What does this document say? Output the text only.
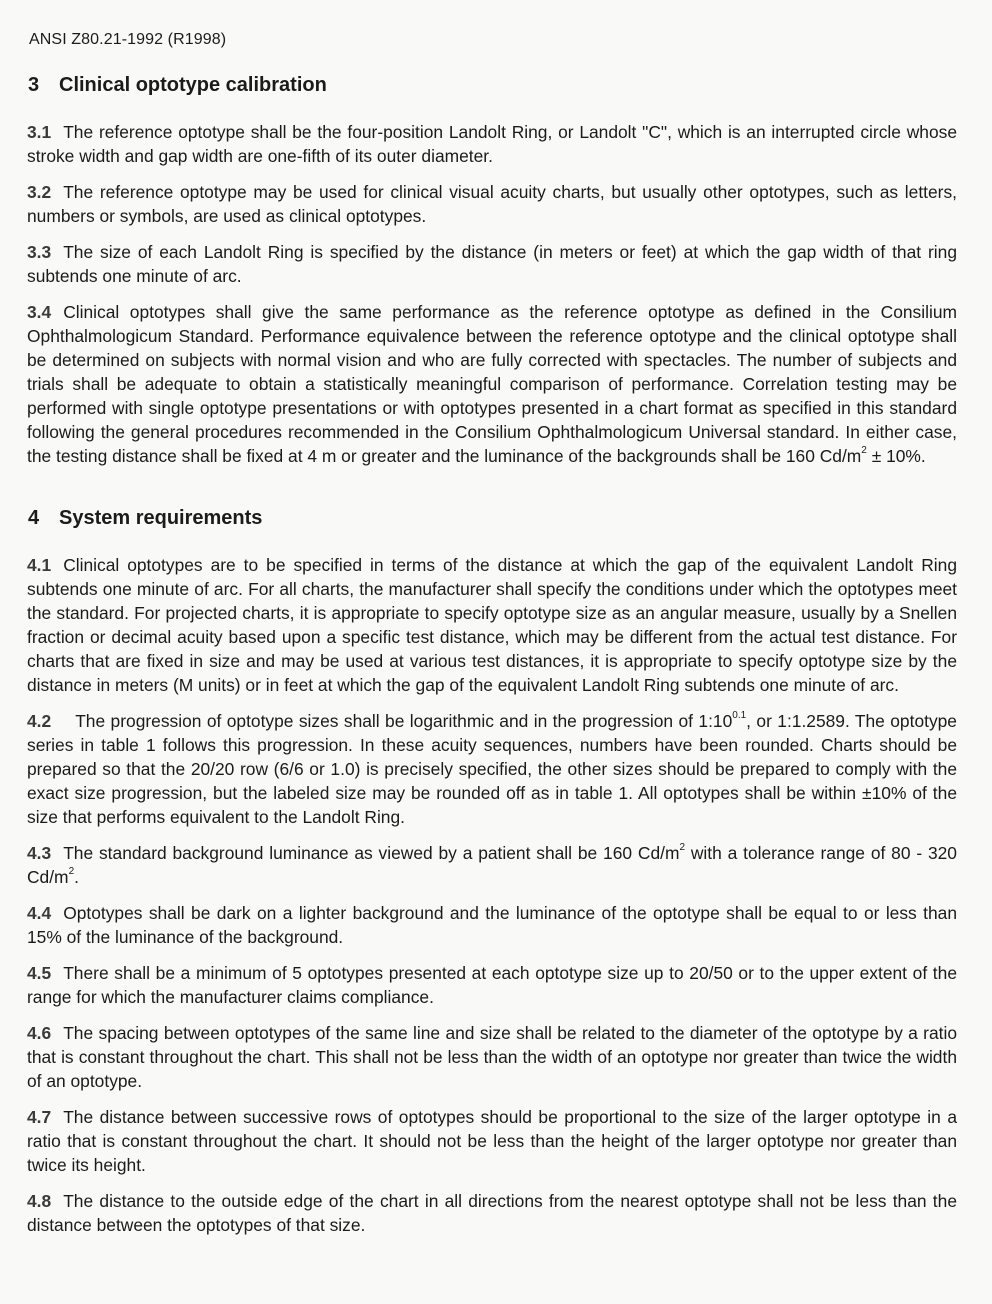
ANSI Z80.21-1992 (R1998)
3 Clinical optotype calibration

3.1 The reference optotype shall be the four-position Landolt Ring, or Landolt "C", which is an interrupted circle whose stroke width and gap width are one-fifth of its outer diameter.

3.2 The reference optotype may be used for clinical visual acuity charts, but usually other optotypes, such as letters, numbers or symbols, are used as clinical optotypes.

3.3 The size of each Landolt Ring is specified by the distance (in meters or feet) at which the gap width of that ring subtends one minute of arc.

3.4 Clinical optotypes shall give the same performance as the reference optotype as defined in the Consilium Ophthalmologicum Standard. Performance equivalence between the reference optotype and the clinical optotype shall be determined on subjects with normal vision and who are fully corrected with spectacles. The number of subjects and trials shall be adequate to obtain a statistically meaningful comparison of performance. Correlation testing may be performed with single optotype presentations or with optotypes presented in a chart format as specified in this standard following the general procedures recommended in the Consilium Ophthalmologicum Universal standard. In either case, the testing distance shall be fixed at 4 m or greater and the luminance of the backgrounds shall be 160 $Cd/m^2 \pm 10\%$.

4 System requirements

4.1 Clinical optotypes are to be specified in terms of the distance at which the gap of the equivalent Landolt Ring subtends one minute of arc. For all charts, the manufacturer shall specify the conditions under which the optotypes meet the standard. For projected charts, it is appropriate to specify optotype size as an angular measure, usually by a Snellen fraction or decimal acuity based upon a specific test distance, which may be different from the actual test distance. For charts that are fixed in size and may be used at various test distances, it is appropriate to specify optotype size by the distance in meters (M units) or in feet at which the gap of the equivalent Landolt Ring subtends one minute of arc.

4.2 The progression of optotype sizes shall be logarithmic and in the progression of $1:10^{0.1}$, or 1:1.2589. The optotype series in table 1 follows this progression. In these acuity sequences, numbers have been rounded. Charts should be prepared so that the 20/20 row (6/6 or 1.0) is precisely specified, the other sizes should be prepared to comply with the exact size progression, but the labeled size may be rounded off as in table 1. All optotypes shall be within ±10% of the size that performs equivalent to the Landolt Ring.

4.3 The standard background luminance as viewed by a patient shall be 160 $Cd/m^2$ with a tolerance range of 80 - 320 $Cd/m^2$.

4.4 Optotypes shall be dark on a lighter background and the luminance of the optotype shall be equal to or less than 15% of the luminance of the background.

4.5 There shall be a minimum of 5 optotypes presented at each optotype size up to 20/50 or to the upper extent of the range for which the manufacturer claims compliance.

4.6 The spacing between optotypes of the same line and size shall be related to the diameter of the optotype by a ratio that is constant throughout the chart. This shall not be less than the width of an optotype nor greater than twice the width of an optotype.

4.7 The distance between successive rows of optotypes should be proportional to the size of the larger optotype in a ratio that is constant throughout the chart. It should not be less than the height of the larger optotype nor greater than twice its height.

4.8 The distance to the outside edge of the chart in all directions from the nearest optotype shall not be less than the distance between the optotypes of that size.
